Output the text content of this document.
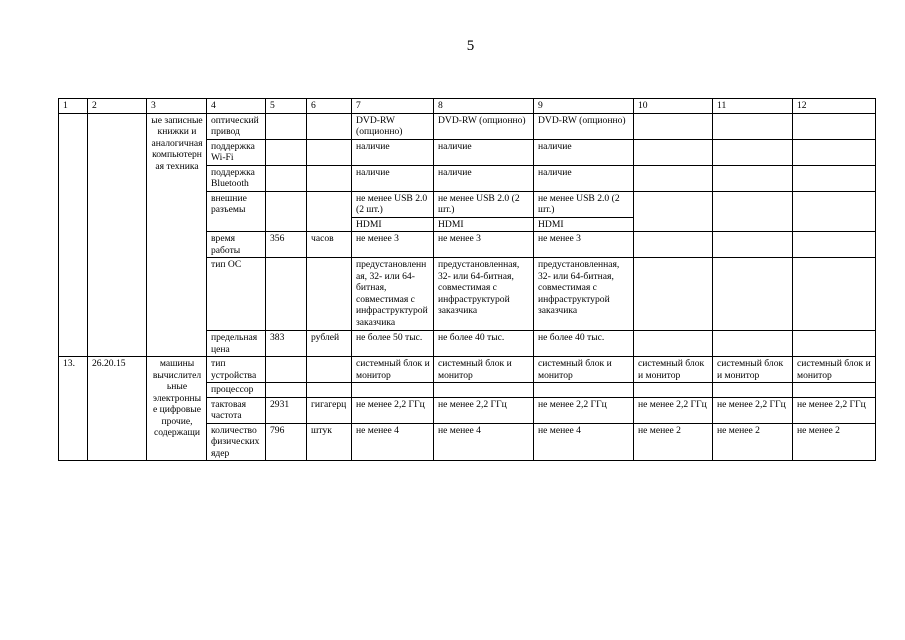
5
1	2	3	4	5	6	7	8	9	10	11	12
		ые записные книжки и аналогичная компьютерная техника	оптический привод			DVD-RW (опционно)	DVD-RW (опционно)	DVD-RW (опционно)			
			поддержка Wi-Fi			наличие	наличие	наличие			
			поддержка Bluetooth			наличие	наличие	наличие			
			внешние разъемы			не менее USB 2.0 (2 шт.)	не менее USB 2.0 (2 шт.)	не менее USB 2.0 (2 шт.)			
						HDMI	HDMI	HDMI			
			время работы	356	часов	не менее 3	не менее 3	не менее 3			
			тип ОС			предустановленная, 32- или 64-битная, совместимая с инфраструктурой заказчика	предустановленная, 32- или 64-битная, совместимая с инфраструктурой заказчика	предустановленная, 32- или 64-битная, совместимая с инфраструктурой заказчика			
			предельная цена	383	рублей	не более 50 тыс.	не более 40 тыс.	не более 40 тыс.			
13.	26.20.15	машины вычислительные электронные цифровые прочие, содержащи	тип устройства			системный блок и монитор	системный блок и монитор	системный блок и монитор	системный блок и монитор	системный блок и монитор	системный блок и монитор
			процессор								
			тактовая частота	2931	гигагерц	не менее 2,2 ГГц	не менее 2,2 ГГц	не менее 2,2 ГГц	не менее 2,2 ГГц	не менее 2,2 ГГц	не менее 2,2 ГГц
			количество физических ядер	796	штук	не менее 4	не менее 4	не менее 4	не менее 2	не менее 2	не менее 2
